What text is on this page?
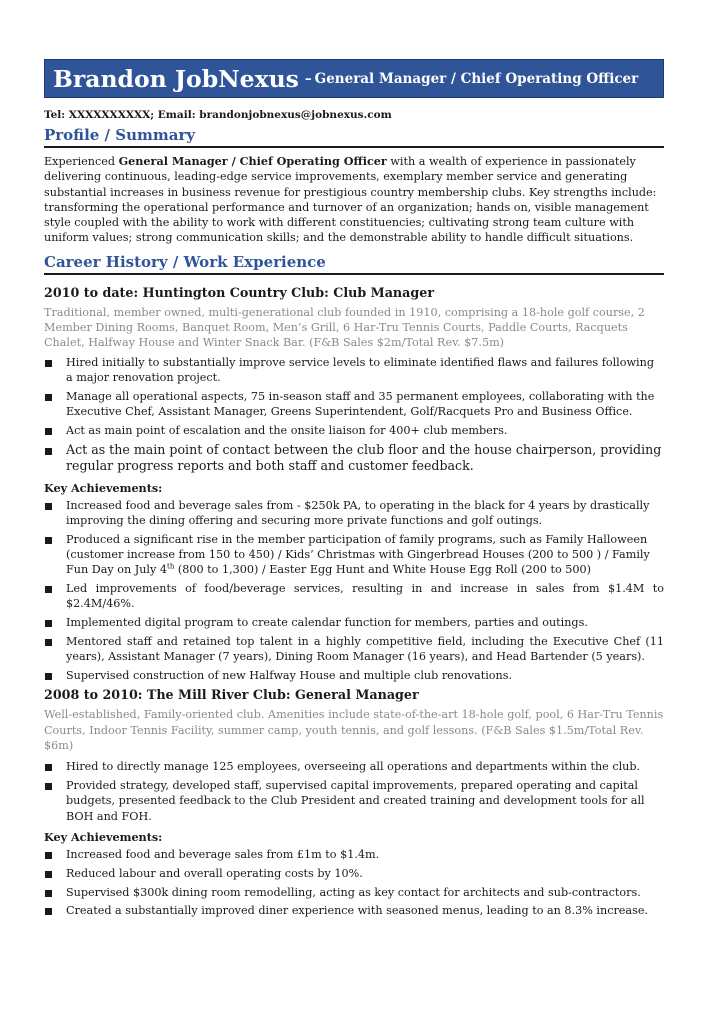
Brandon JobNexus – General Manager / Chief Operating Officer
Tel: XXXXXXXXXX; Email: brandonjobnexus@jobnexus.com
Profile / Summary
Experienced General Manager / Chief Operating Officer with a wealth of experience in passionately delivering continuous, leading-edge service improvements, exemplary member service and generating substantial increases in business revenue for prestigious country membership clubs. Key strengths include: transforming the operational performance and turnover of an organization; hands on, visible management style coupled with the ability to work with different constituencies; cultivating strong team culture with uniform values; strong communication skills; and the demonstrable ability to handle difficult situations.
Career History / Work Experience
2010 to date: Huntington Country Club: Club Manager
Traditional, member owned, multi-generational club founded in 1910, comprising a 18-hole golf course, 2 Member Dining Rooms, Banquet Room, Men’s Grill, 6 Har-Tru Tennis Courts, Paddle Courts, Racquets Chalet, Halfway House and Winter Snack Bar. (F&B Sales $2m/Total Rev. $7.5m)
Hired initially to substantially improve service levels to eliminate identified flaws and failures following a major renovation project.
Manage all operational aspects, 75 in-season staff and 35 permanent employees, collaborating with the Executive Chef, Assistant Manager, Greens Superintendent, Golf/Racquets Pro and Business Office.
Act as main point of escalation and the onsite liaison for 400+ club members.
Act as the main point of contact between the club floor and the house chairperson, providing regular progress reports and both staff and customer feedback.
Key Achievements:
Increased food and beverage sales from - $250k PA, to operating in the black for 4 years by drastically improving the dining offering and securing more private functions and golf outings.
Produced a significant rise in the member participation of family programs, such as Family Halloween (customer increase from 150 to 450) / Kids’ Christmas with Gingerbread Houses (200 to 500 ) / Family Fun Day on July 4th (800 to 1,300) / Easter Egg Hunt and White House Egg Roll (200 to 500)
Led improvements of food/beverage services, resulting in and increase in sales from $1.4M to $2.4M/46%.
Implemented digital program to create calendar function for members, parties and outings.
Mentored staff and retained top talent in a highly competitive field, including the Executive Chef (11 years), Assistant Manager (7 years), Dining Room Manager (16 years), and Head Bartender (5 years).
Supervised construction of new Halfway House and multiple club renovations.
2008 to 2010: The Mill River Club: General Manager
Well-established, Family-oriented club. Amenities include state-of-the-art 18-hole golf, pool, 6 Har-Tru Tennis Courts, Indoor Tennis Facility, summer camp, youth tennis, and golf lessons. (F&B Sales $1.5m/Total Rev. $6m)
Hired to directly manage 125 employees, overseeing all operations and departments within the club.
Provided strategy, developed staff, supervised capital improvements, prepared operating and capital budgets, presented feedback to the Club President and created training and development tools for all BOH and FOH.
Key Achievements:
Increased food and beverage sales from £1m to $1.4m.
Reduced labour and overall operating costs by 10%.
Supervised $300k dining room remodelling, acting as key contact for architects and sub-contractors.
Created a substantially improved diner experience with seasoned menus, leading to an 8.3% increase.
